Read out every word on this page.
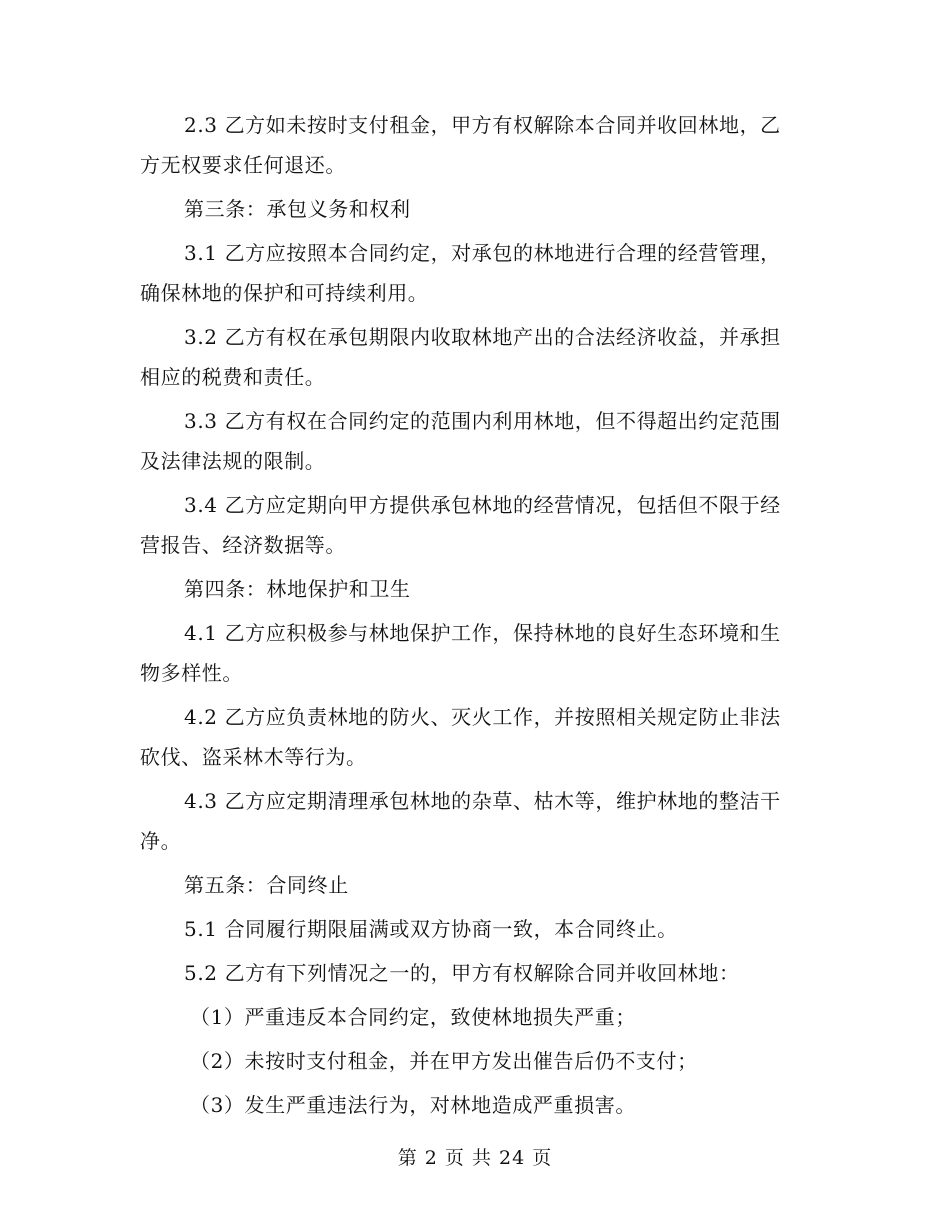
2.3 乙方如未按时支付租金，甲方有权解除本合同并收回林地，乙方无权要求任何退还。

第三条：承包义务和权利

3.1 乙方应按照本合同约定，对承包的林地进行合理的经营管理，确保林地的保护和可持续利用。

3.2 乙方有权在承包期限内收取林地产出的合法经济收益，并承担相应的税费和责任。

3.3 乙方有权在合同约定的范围内利用林地，但不得超出约定范围及法律法规的限制。

3.4 乙方应定期向甲方提供承包林地的经营情况，包括但不限于经营报告、经济数据等。

第四条：林地保护和卫生

4.1 乙方应积极参与林地保护工作，保持林地的良好生态环境和生物多样性。

4.2 乙方应负责林地的防火、灭火工作，并按照相关规定防止非法砍伐、盗采林木等行为。

4.3 乙方应定期清理承包林地的杂草、枯木等，维护林地的整洁干净。

第五条：合同终止

5.1 合同履行期限届满或双方协商一致，本合同终止。

5.2 乙方有下列情况之一的，甲方有权解除合同并收回林地：

（1）严重违反本合同约定，致使林地损失严重；

（2）未按时支付租金，并在甲方发出催告后仍不支付；

（3）发生严重违法行为，对林地造成严重损害。

第 2 页 共 24 页
